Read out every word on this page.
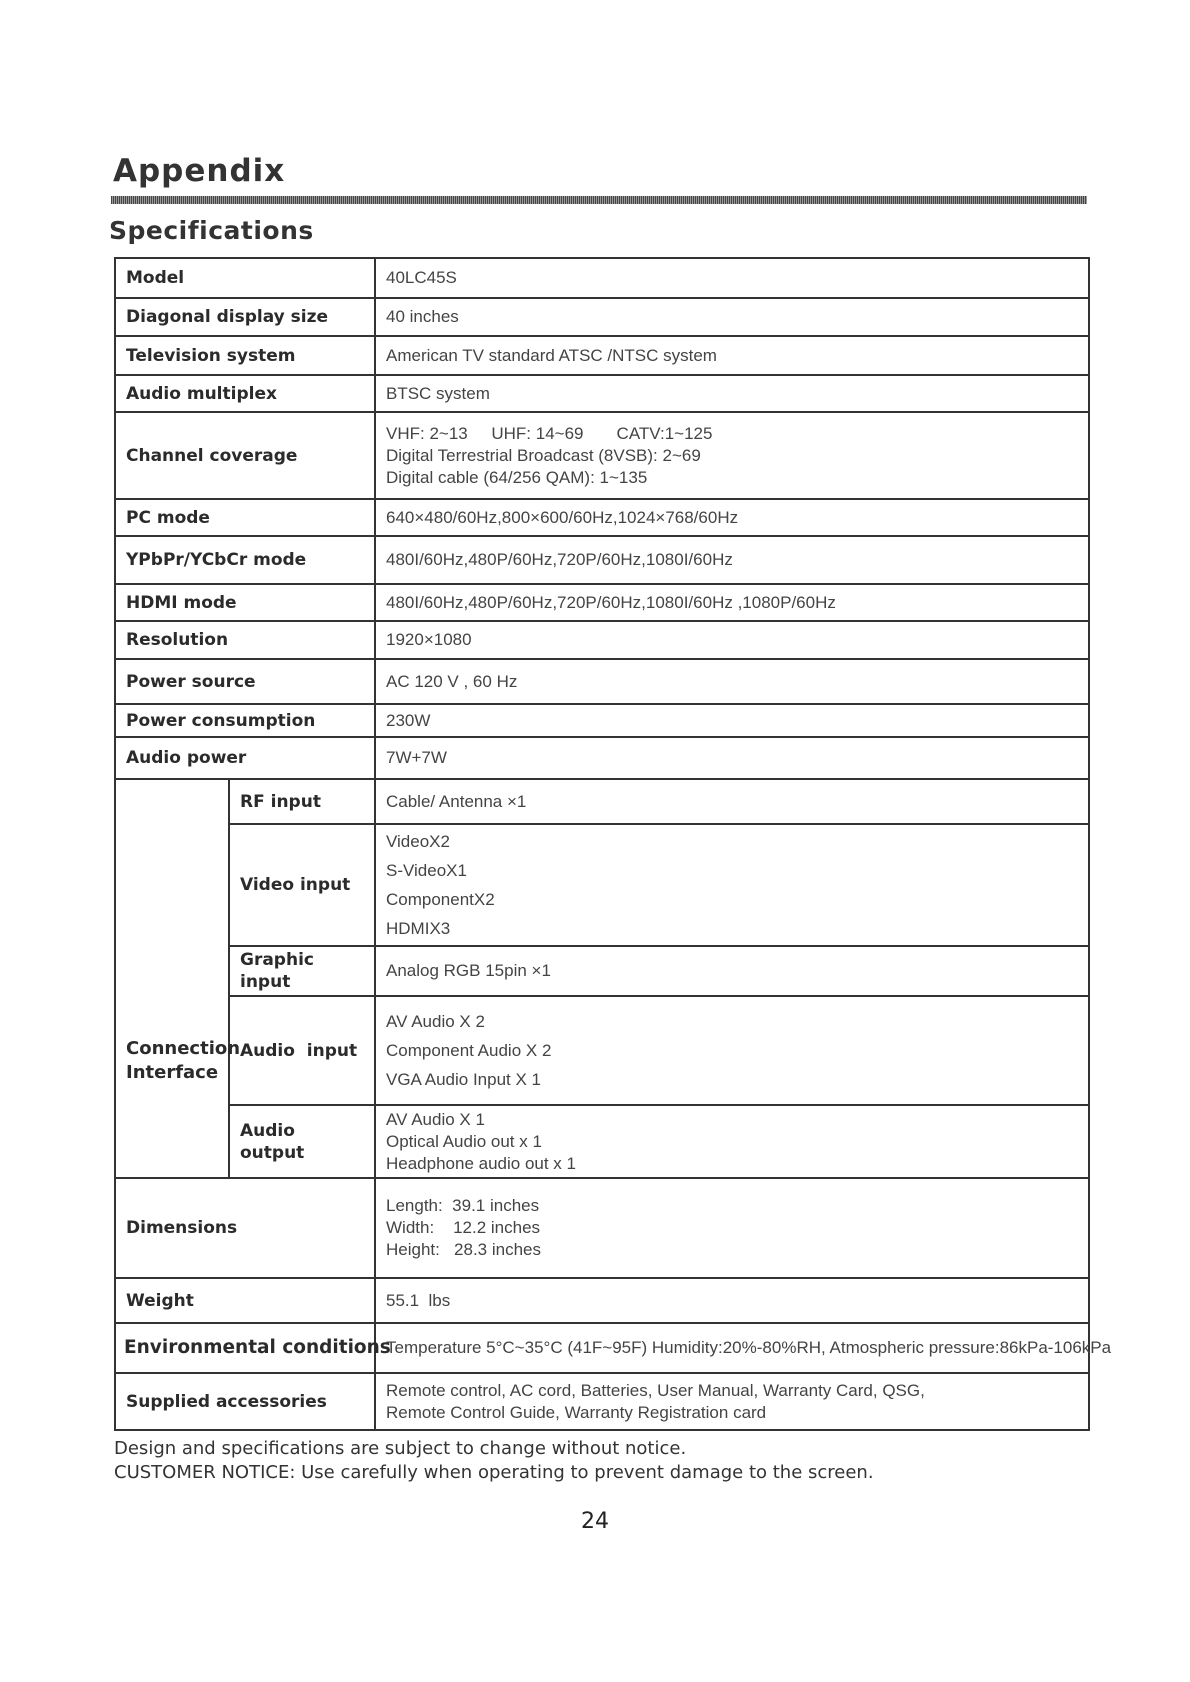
Appendix
Specifications
Model		40LC45S
Diagonal display size		40 inches
Television system		American TV standard ATSC /NTSC system
Audio multiplex		BTSC system
Channel coverage		VHF: 2~13     UHF: 14~69       CATV:1~125
Digital Terrestrial Broadcast (8VSB): 2~69
Digital cable (64/256 QAM): 1~135

PC mode		640×480/60Hz,800×600/60Hz,1024×768/60Hz
YPbPr/YCbCr mode		480I/60Hz,480P/60Hz,720P/60Hz,1080I/60Hz
HDMI mode		480I/60Hz,480P/60Hz,720P/60Hz,1080I/60Hz ,1080P/60Hz
Resolution		1920×1080
Power source		AC 120 V , 60 Hz
Power consumption		230W
Audio power		7W+7W

Connection
Interface	RF input	Cable/ Antenna ×1
	Video input	VideoX2
S-VideoX1
ComponentX2
HDMIX3

	Graphic input	Analog RGB 15pin ×1
	Audio  input	AV Audio X 2
Component Audio X 2
VGA Audio Input X 1

	Audio output	AV Audio X 1
Optical Audio out x 1
Headphone audio out x 1

Dimensions		Length:  39.1 inches
Width:    12.2 inches
Height:   28.3 inches

Weight		55.1  lbs
Environmental conditions		Temperature 5°C~35°C (41F~95F) Humidity:20%-80%RH, Atmospheric pressure:86kPa-106kPa
Supplied accessories		Remote control, AC cord, Batteries, User Manual, Warranty Card, QSG,
Remote Control Guide, Warranty Registration card
Design and specifications are subject to change without notice.
CUSTOMER NOTICE: Use carefully when operating to prevent damage to the screen.
24
